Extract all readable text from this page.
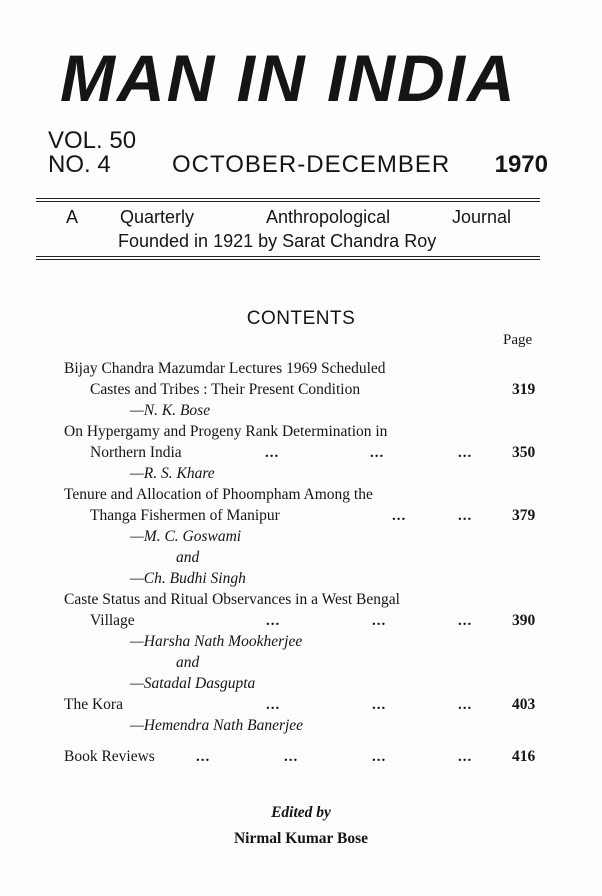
MAN IN INDIA
VOL. 50
NO. 4	OCTOBER-DECEMBER 1970
A Quarterly	Anthropological	Journal
Founded in 1921 by Sarat Chandra Roy
CONTENTS
Page
Bijay Chandra Mazumdar Lectures 1969 Scheduled
Castes and Tribes : Their Present Condition	319
—N. K. Bose
On Hypergamy and Progeny Rank Determination in
Northern India	...	...	...	350
—R. S. Khare
Tenure and Allocation of Phoompham Among the
Thanga Fishermen of Manipur	...	...	379
—M. C. Goswami
and
—Ch. Budhi Singh
Caste Status and Ritual Observances in a West Bengal
Village	...	...	...	390
—Harsha Nath Mookherjee
and
—Satadal Dasgupta
The Kora	...	...	...	403
—Hemendra Nath Banerjee
Book Reviews	...	...	...	...	416
Edited by
Nirmal Kumar Bose
